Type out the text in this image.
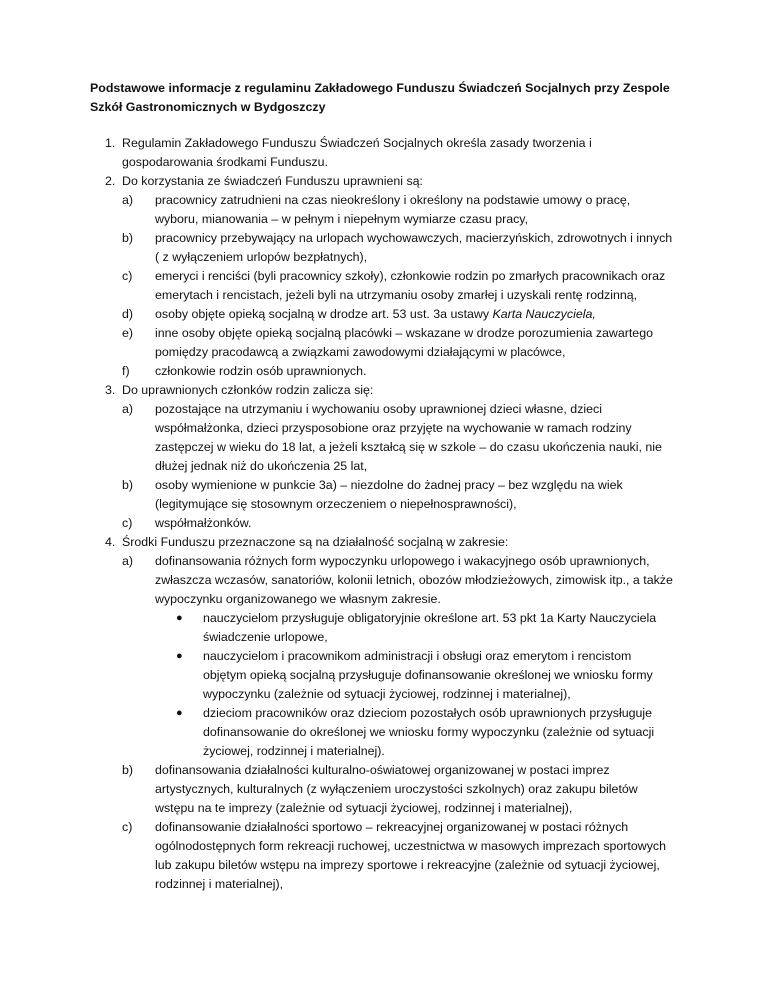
Podstawowe informacje z regulaminu Zakładowego Funduszu Świadczeń Socjalnych przy Zespole Szkół Gastronomicznych w Bydgoszczy
1. Regulamin Zakładowego Funduszu Świadczeń Socjalnych określa zasady tworzenia i gospodarowania środkami Funduszu.
2. Do korzystania ze świadczeń Funduszu uprawnieni są:
a) pracownicy zatrudnieni na czas nieokreślony i określony na podstawie umowy o pracę, wyboru, mianowania – w pełnym i niepełnym wymiarze czasu pracy,
b) pracownicy przebywający na urlopach wychowawczych, macierzyńskich, zdrowotnych i innych ( z wyłączeniem urlopów bezpłatnych),
c) emeryci i renciści (byli pracownicy szkoły), członkowie rodzin po zmarłych pracownikach oraz emerytach i rencistach, jeżeli byli na utrzymaniu osoby zmarłej i uzyskali rentę rodzinną,
d) osoby objęte opieką socjalną w drodze art. 53 ust. 3a ustawy Karta Nauczyciela,
e) inne osoby objęte opieką socjalną placówki – wskazane w drodze porozumienia zawartego pomiędzy pracodawcą a związkami zawodowymi działającymi w placówce,
f) członkowie rodzin osób uprawnionych.
3. Do uprawnionych członków rodzin zalicza się:
a) pozostające na utrzymaniu i wychowaniu osoby uprawnionej dzieci własne, dzieci współmałżonka, dzieci przysposobione oraz przyjęte na wychowanie w ramach rodziny zastępczej w wieku do 18 lat, a jeżeli kształcą się w szkole – do czasu ukończenia nauki, nie dłużej jednak niż do ukończenia 25 lat,
b) osoby wymienione w punkcie 3a) – niezdolne do żadnej pracy – bez względu na wiek (legitymujące się stosownym orzeczeniem o niepełnosprawności),
c) współmałżonków.
4. Środki Funduszu przeznaczone są na działalność socjalną w zakresie:
a) dofinansowania różnych form wypoczynku urlopowego i wakacyjnego osób uprawnionych, zwłaszcza wczasów, sanatoriów, kolonii letnich, obozów młodzieżowych, zimowisk itp., a także wypoczynku organizowanego we własnym zakresie.
● nauczycielom przysługuje obligatoryjnie określone art. 53 pkt 1a Karty Nauczyciela świadczenie urlopowe,
● nauczycielom i pracownikom administracji i obsługi oraz emerytom i rencistom objętym opieką socjalną przysługuje dofinansowanie określonej we wniosku formy wypoczynku (zależnie od sytuacji życiowej, rodzinnej i materialnej),
● dzieciom pracowników oraz dzieciom pozostałych osób uprawnionych przysługuje dofinansowanie do określonej we wniosku formy wypoczynku (zależnie od sytuacji życiowej, rodzinnej i materialnej).
b) dofinansowania działalności kulturalno-oświatowej organizowanej w postaci imprez artystycznych, kulturalnych (z wyłączeniem uroczystości szkolnych) oraz zakupu biletów wstępu na te imprezy (zależnie od sytuacji życiowej, rodzinnej i materialnej),
c) dofinansowanie działalności sportowo – rekreacyjnej organizowanej w postaci różnych ogólnodostępnych form rekreacji ruchowej, uczestnictwa w masowych imprezach sportowych lub zakupu biletów wstępu na imprezy sportowe i rekreacyjne (zależnie od sytuacji życiowej, rodzinnej i materialnej),
